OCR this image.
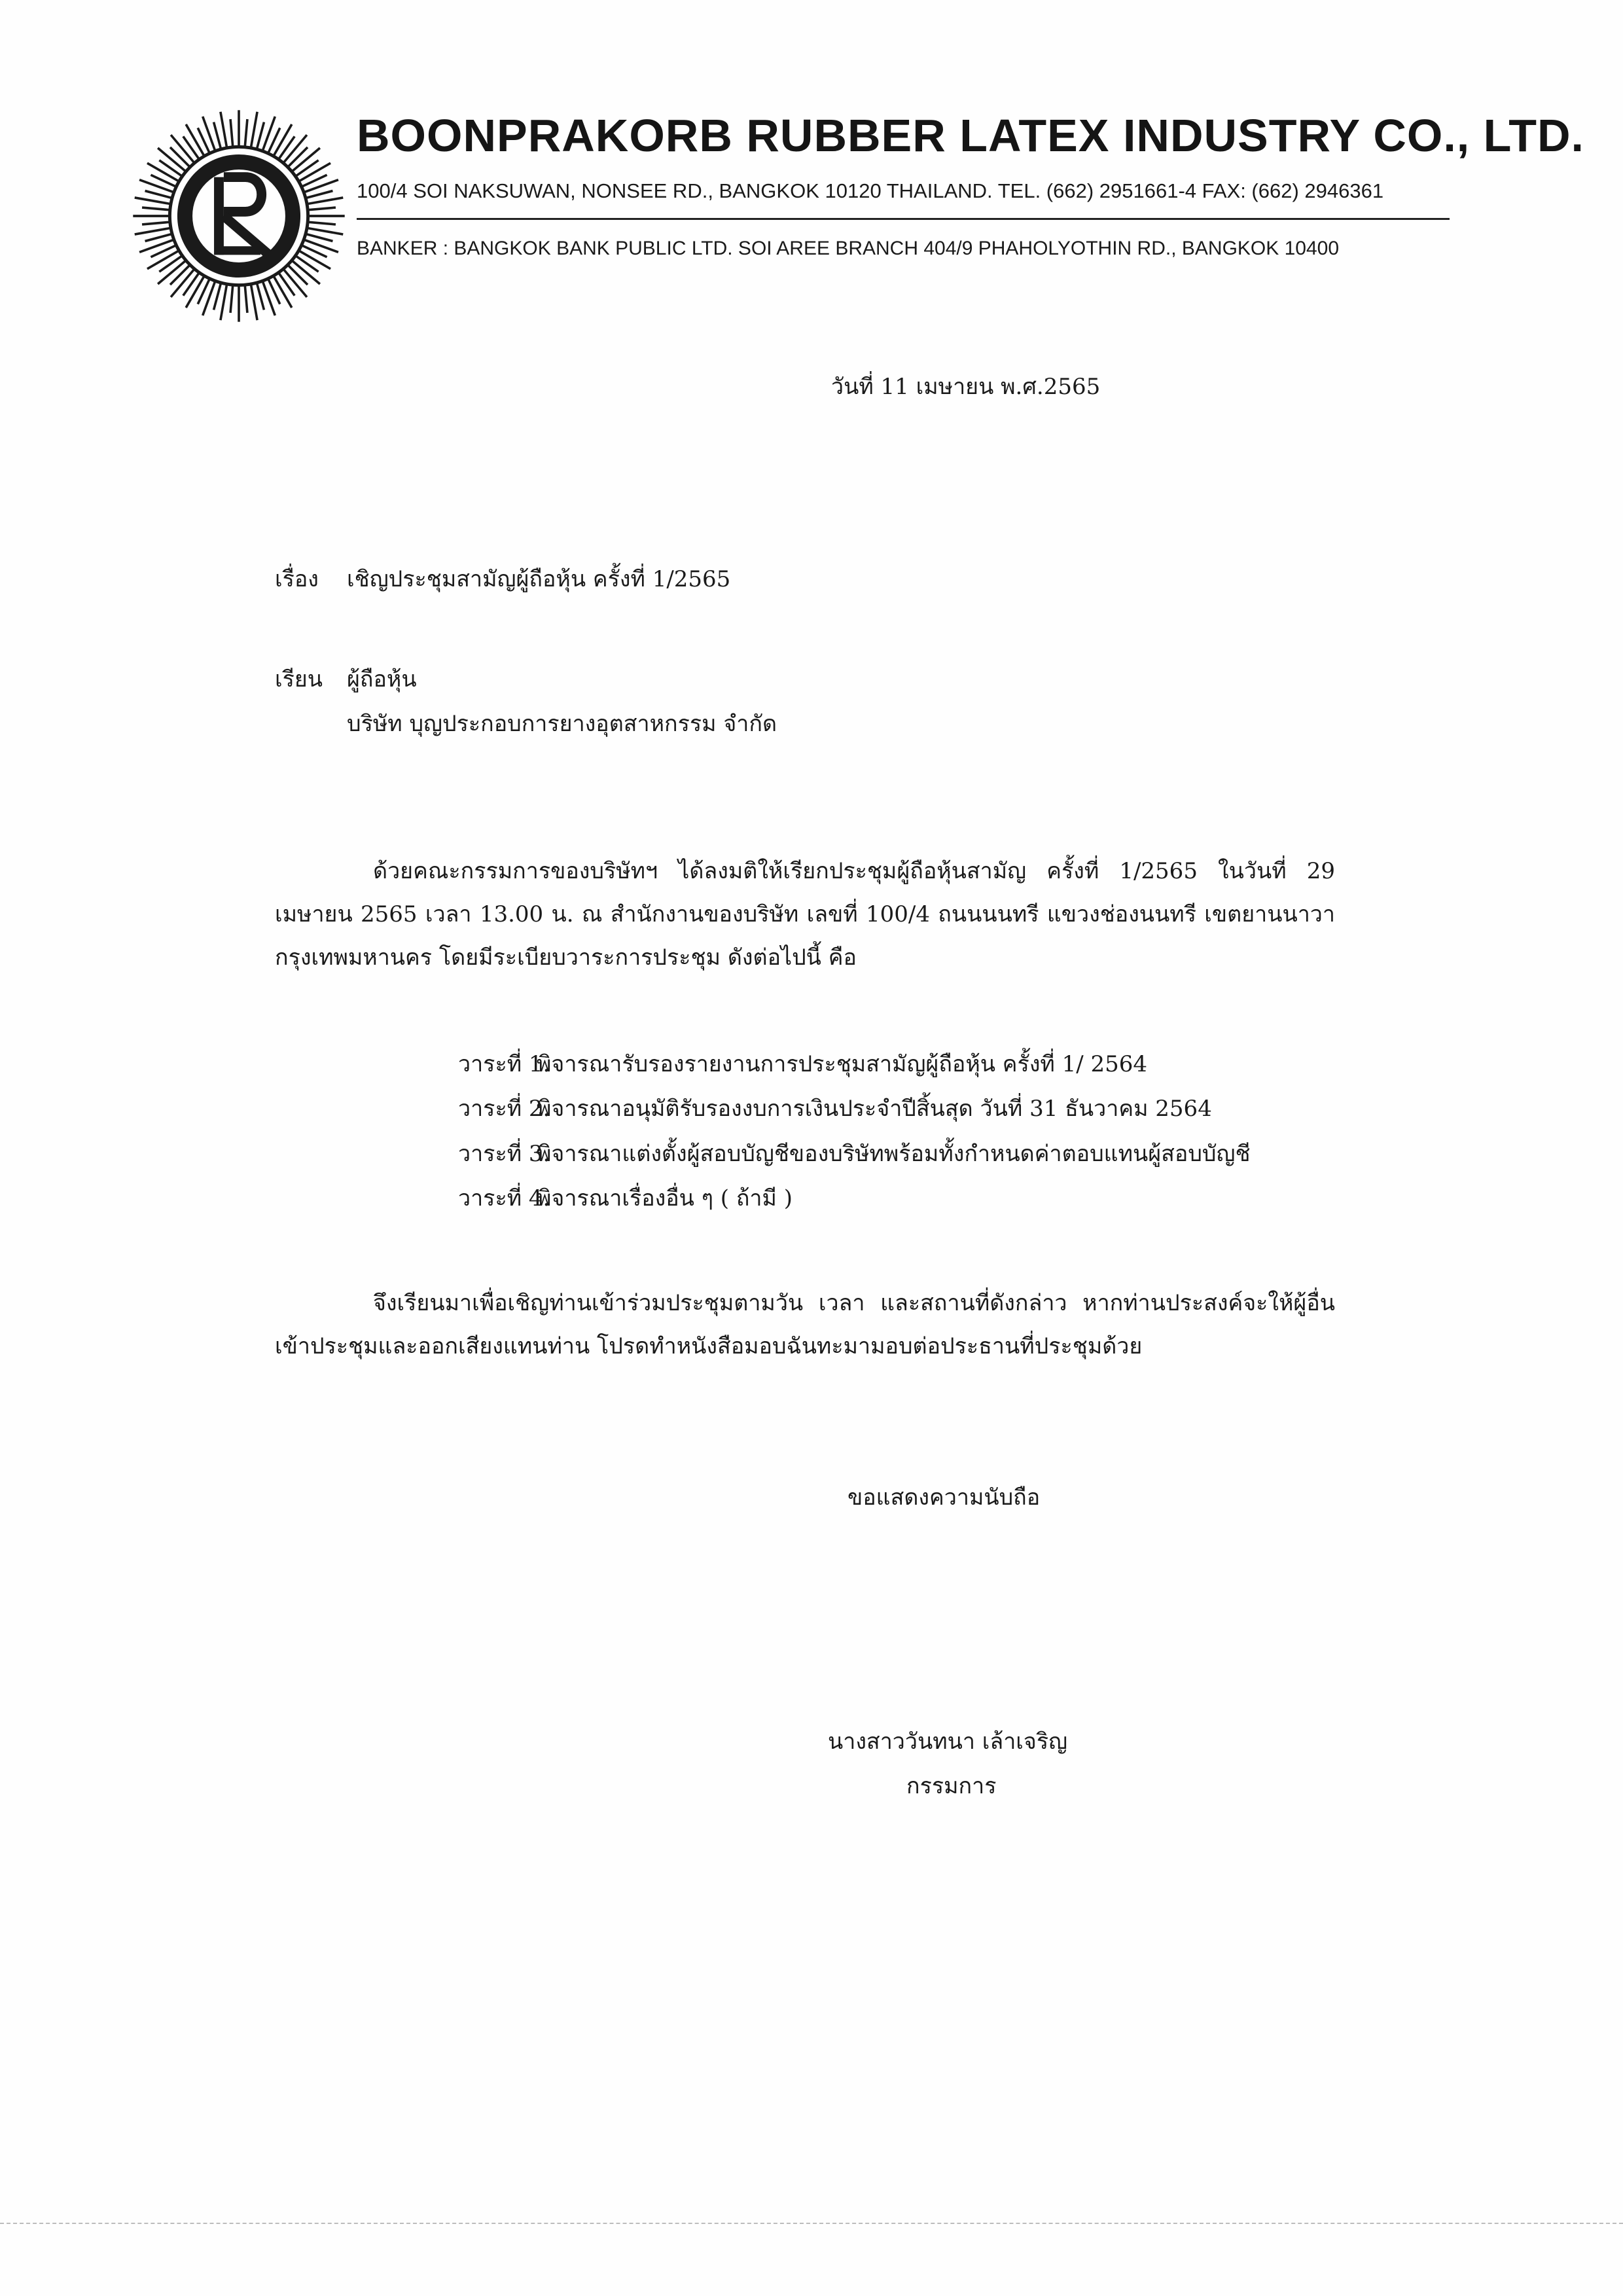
BOONPRAKORB RUBBER LATEX INDUSTRY CO., LTD.
100/4 SOI NAKSUWAN, NONSEE RD., BANGKOK 10120 THAILAND. TEL. (662) 2951661-4 FAX: (662) 2946361
BANKER : BANGKOK BANK PUBLIC LTD. SOI AREE BRANCH 404/9 PHAHOLYOTHIN RD., BANGKOK 10400
วันที่ 11 เมษายน พ.ศ.2565
เรื่อง เชิญประชุมสามัญผู้ถือหุ้น ครั้งที่ 1/2565
เรียน ผู้ถือหุ้น
บริษัท บุญประกอบการยางอุตสาหกรรม จำกัด
ด้วยคณะกรรมการของบริษัทฯ ได้ลงมติให้เรียกประชุมผู้ถือหุ้นสามัญ ครั้งที่ 1/2565 ในวันที่ 29 เมษายน 2565 เวลา 13.00 น. ณ สำนักงานของบริษัท เลขที่ 100/4 ถนนนนทรี แขวงช่องนนทรี เขตยานนาวา กรุงเทพมหานคร โดยมีระเบียบวาระการประชุม ดังต่อไปนี้ คือ
วาระที่ 1.พิจารณารับรองรายงานการประชุมสามัญผู้ถือหุ้น ครั้งที่ 1/ 2564
วาระที่ 2.พิจารณาอนุมัติรับรองงบการเงินประจำปีสิ้นสุด วันที่ 31 ธันวาคม 2564
วาระที่ 3.พิจารณาแต่งตั้งผู้สอบบัญชีของบริษัทพร้อมทั้งกำหนดค่าตอบแทนผู้สอบบัญชี
วาระที่ 4.พิจารณาเรื่องอื่น ๆ ( ถ้ามี )
จึงเรียนมาเพื่อเชิญท่านเข้าร่วมประชุมตามวัน เวลา และสถานที่ดังกล่าว หากท่านประสงค์จะให้ผู้อื่นเข้าประชุมและออกเสียงแทนท่าน โปรดทำหนังสือมอบฉันทะมามอบต่อประธานที่ประชุมด้วย
ขอแสดงความนับถือ
นางสาววันทนา เล้าเจริญ
กรรมการ
